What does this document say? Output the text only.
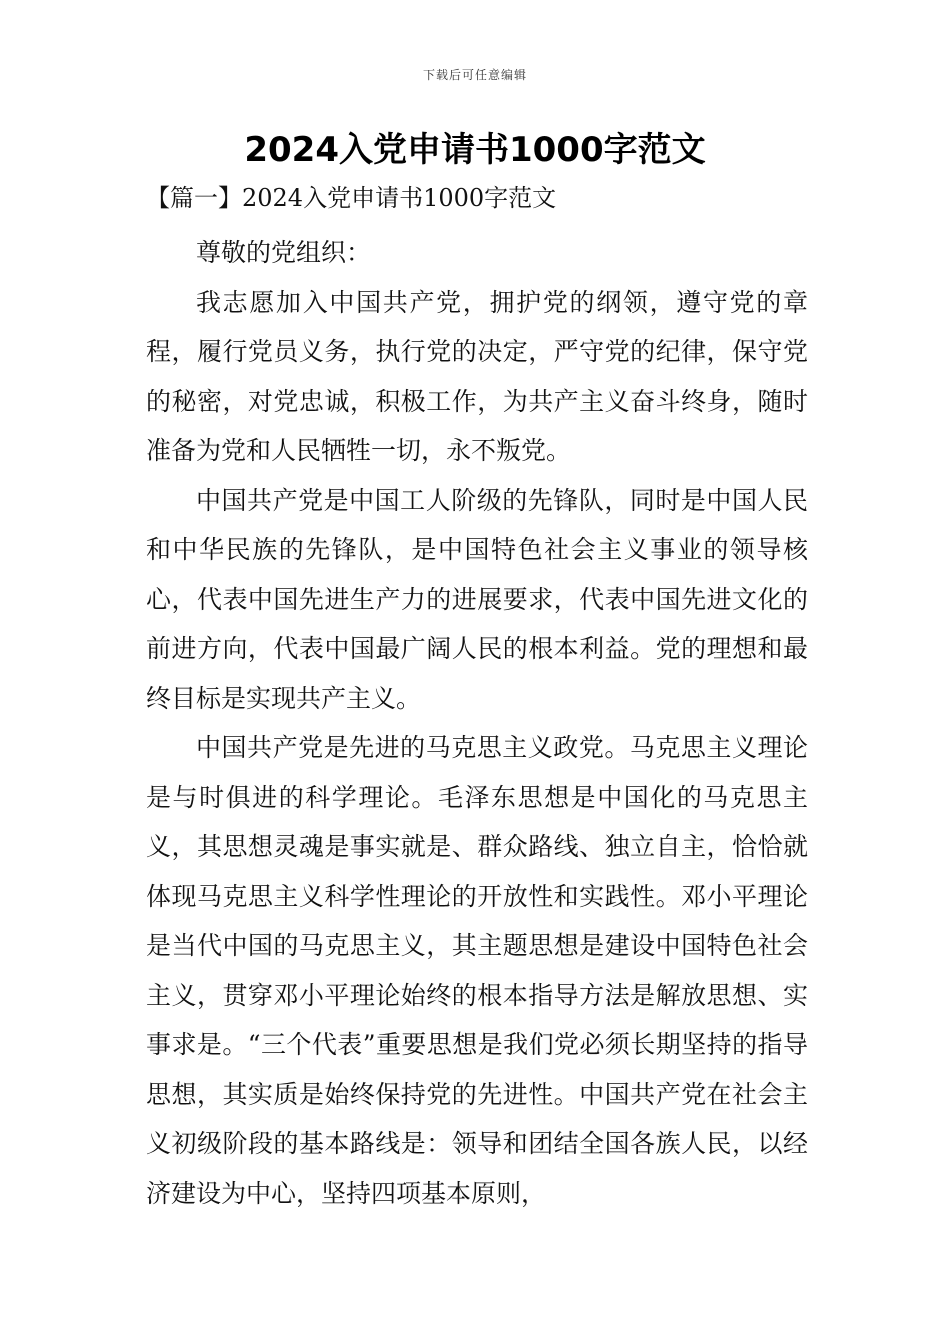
下载后可任意编辑
2024入党申请书1000字范文
【篇一】2024入党申请书1000字范文

尊敬的党组织：

我志愿加入中国共产党，拥护党的纲领，遵守党的章程，履行党员义务，执行党的决定，严守党的纪律，保守党的秘密，对党忠诚，积极工作，为共产主义奋斗终身，随时准备为党和人民牺牲一切，永不叛党。

中国共产党是中国工人阶级的先锋队，同时是中国人民和中华民族的先锋队，是中国特色社会主义事业的领导核心，代表中国先进生产力的进展要求，代表中国先进文化的前进方向，代表中国最广阔人民的根本利益。党的理想和最终目标是实现共产主义。

中国共产党是先进的马克思主义政党。马克思主义理论是与时俱进的科学理论。毛泽东思想是中国化的马克思主义，其思想灵魂是事实就是、群众路线、独立自主，恰恰就体现马克思主义科学性理论的开放性和实践性。邓小平理论是当代中国的马克思主义，其主题思想是建设中国特色社会主义，贯穿邓小平理论始终的根本指导方法是解放思想、实事求是。“三个代表”重要思想是我们党必须长期坚持的指导思想，其实质是始终保持党的先进性。中国共产党在社会主义初级阶段的基本路线是：领导和团结全国各族人民，以经济建设为中心，坚持四项基本原则，
